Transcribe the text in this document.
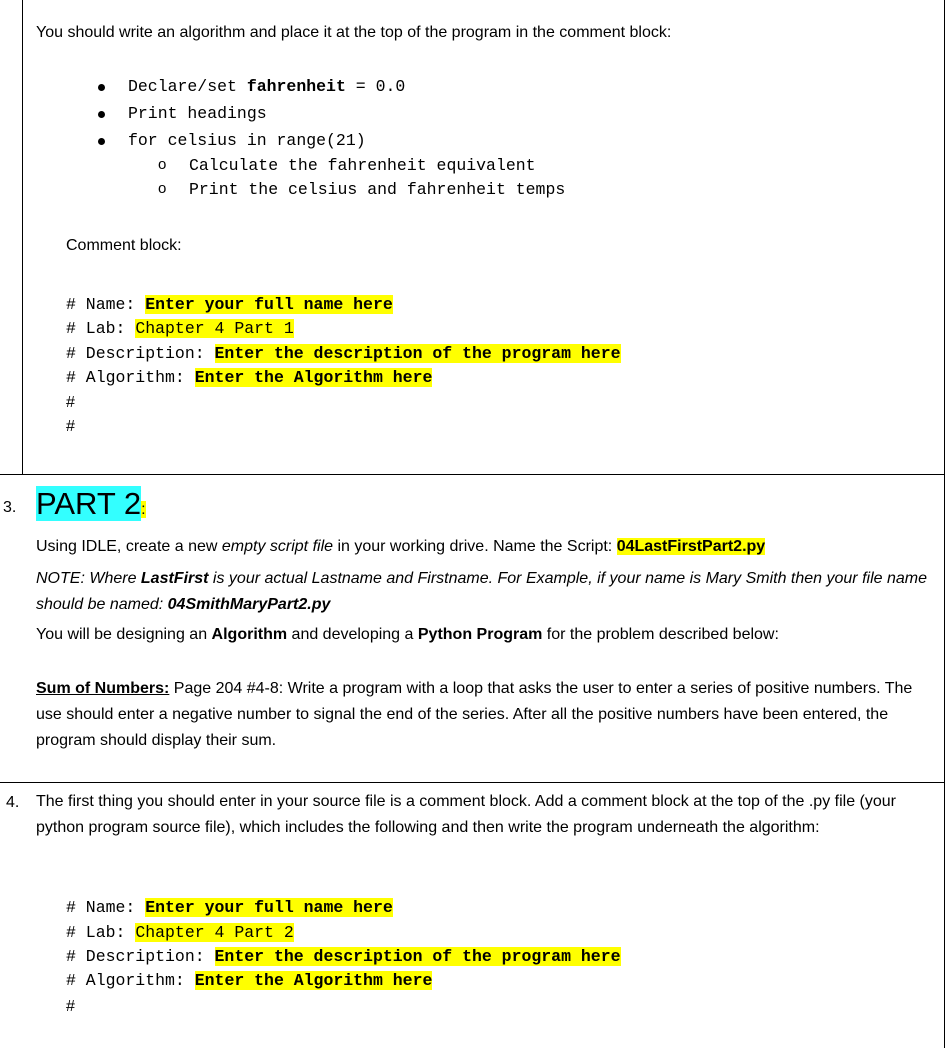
You should write an algorithm and place it at the top of the program in the comment block:
Declare/set fahrenheit = 0.0
Print headings
for celsius in range(21)
o Calculate the fahrenheit equivalent
o Print the celsius and fahrenheit temps
Comment block:
# Name: Enter your full name here
# Lab: Chapter 4 Part 1
# Description: Enter the description of the program here
# Algorithm: Enter the Algorithm here
#
#
3. PART 2:
Using IDLE, create a new empty script file in your working drive. Name the Script: 04LastFirstPart2.py

NOTE: Where LastFirst is your actual Lastname and Firstname. For Example, if your name is Mary Smith then your file name should be named: 04SmithMaryPart2.py

You will be designing an Algorithm and developing a Python Program for the problem described below:

Sum of Numbers: Page 204 #4-8: Write a program with a loop that asks the user to enter a series of positive numbers. The use should enter a negative number to signal the end of the series. After all the positive numbers have been entered, the program should display their sum.

4. The first thing you should enter in your source file is a comment block. Add a comment block at the top of the .py file (your python program source file), which includes the following and then write the program underneath the algorithm:

# Name: Enter your full name here
# Lab: Chapter 4 Part 2
# Description: Enter the description of the program here
# Algorithm: Enter the Algorithm here
#
